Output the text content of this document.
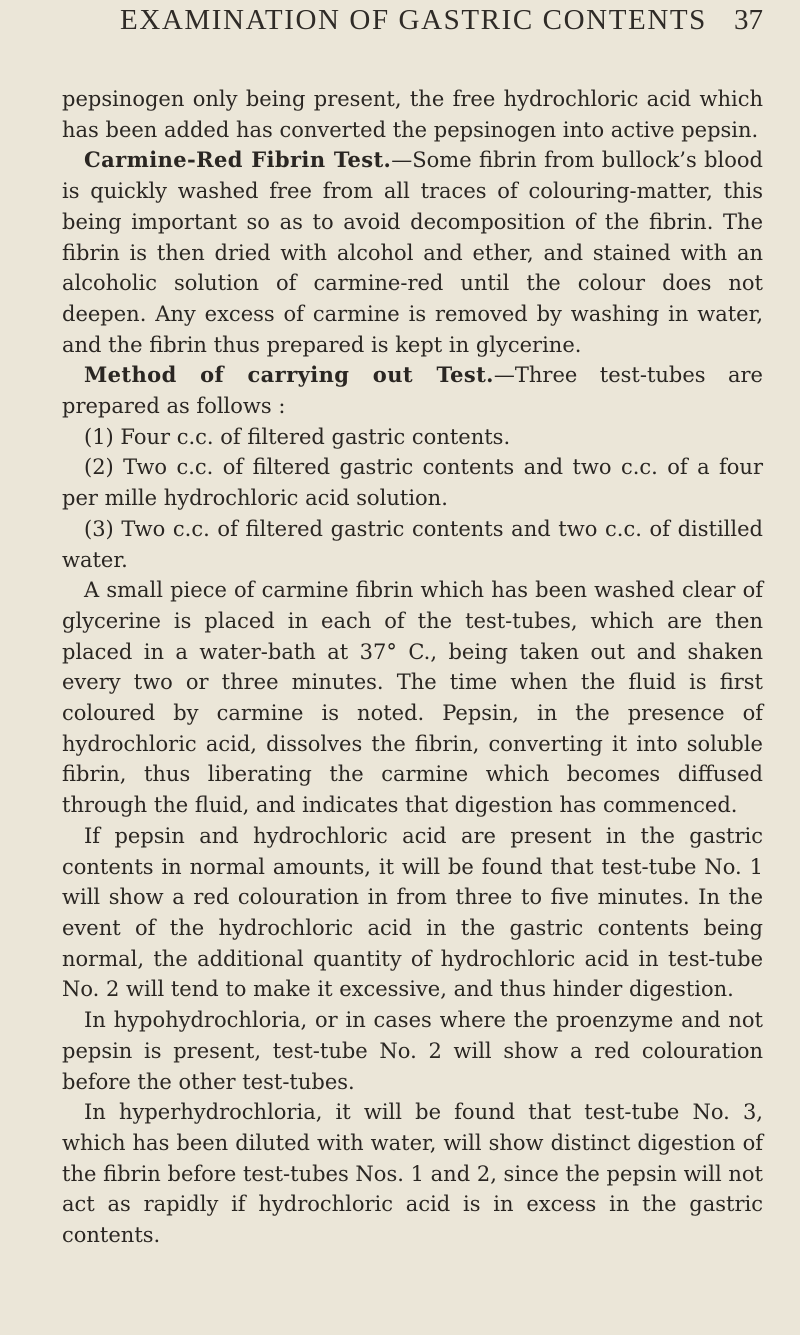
EXAMINATION OF GASTRIC CONTENTS 37

pepsinogen only being present, the free hydrochloric acid which has been added has converted the pepsinogen into active pepsin.

Carmine-Red Fibrin Test.—Some fibrin from bullock’s blood is quickly washed free from all traces of colouring-matter, this being important so as to avoid decomposition of the fibrin. The fibrin is then dried with alcohol and ether, and stained with an alcoholic solution of carmine-red until the colour does not deepen. Any excess of carmine is removed by washing in water, and the fibrin thus prepared is kept in glycerine.

Method of carrying out Test.—Three test-tubes are prepared as follows :

(1) Four c.c. of filtered gastric contents.

(2) Two c.c. of filtered gastric contents and two c.c. of a four per mille hydrochloric acid solution.

(3) Two c.c. of filtered gastric contents and two c.c. of distilled water.

A small piece of carmine fibrin which has been washed clear of glycerine is placed in each of the test-tubes, which are then placed in a water-bath at 37° C., being taken out and shaken every two or three minutes. The time when the fluid is first coloured by carmine is noted. Pepsin, in the presence of hydrochloric acid, dissolves the fibrin, converting it into soluble fibrin, thus liberating the carmine which becomes diffused through the fluid, and indicates that digestion has commenced.

If pepsin and hydrochloric acid are present in the gastric contents in normal amounts, it will be found that test-tube No. 1 will show a red colouration in from three to five minutes. In the event of the hydrochloric acid in the gastric contents being normal, the additional quantity of hydrochloric acid in test-tube No. 2 will tend to make it excessive, and thus hinder digestion.

In hypohydrochloria, or in cases where the proenzyme and not pepsin is present, test-tube No. 2 will show a red colouration before the other test-tubes.

In hyperhydrochloria, it will be found that test-tube No. 3, which has been diluted with water, will show distinct digestion of the fibrin before test-tubes Nos. 1 and 2, since the pepsin will not act as rapidly if hydrochloric acid is in excess in the gastric contents.
